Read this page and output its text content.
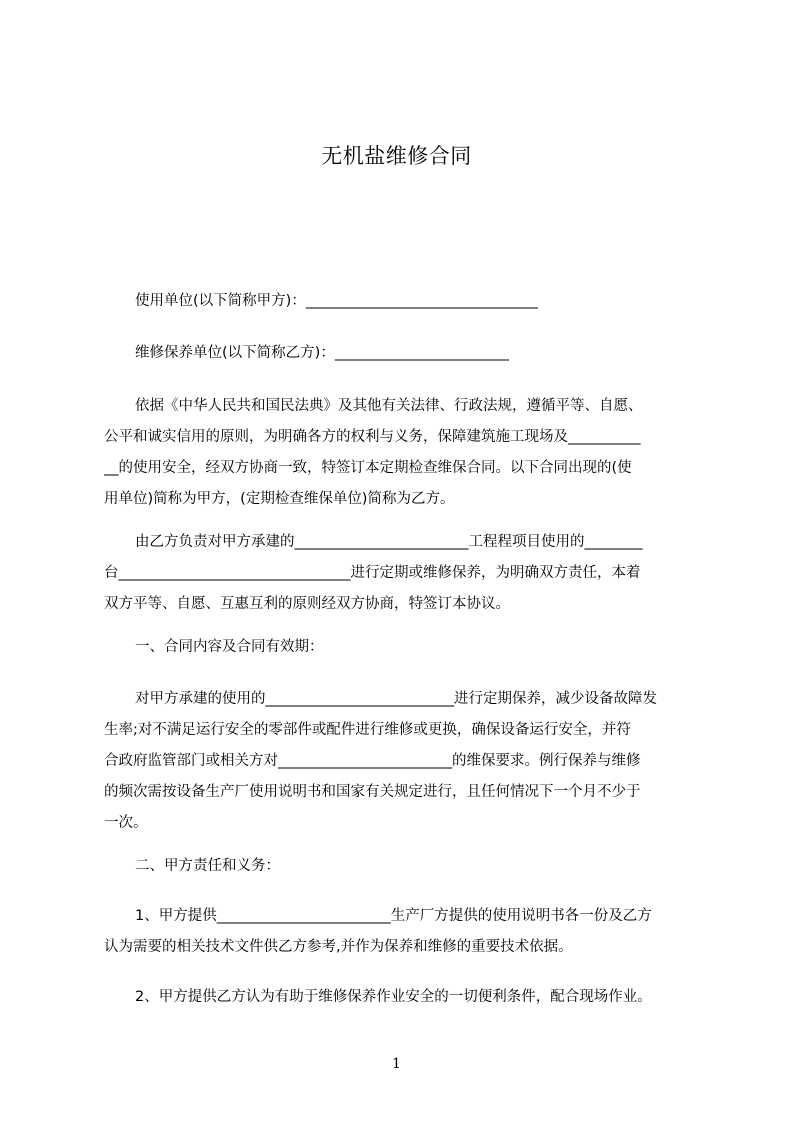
无机盐维修合同
使用单位(以下简称甲方)：________________________________
维修保养单位(以下简称乙方)：________________________
依据《中华人民共和国民法典》及其他有关法律、行政法规，遵循平等、自愿、
公平和诚实信用的原则，为明确各方的权利与义务，保障建筑施工现场及__________
__的使用安全，经双方协商一致，特签订本定期检查维保合同。以下合同出现的(使
用单位)简称为甲方，(定期检查维保单位)简称为乙方。
由乙方负责对甲方承建的________________________工程程项目使用的________
台________________________________进行定期或维修保养，为明确双方责任，本着
双方平等、自愿、互惠互利的原则经双方协商，特签订本协议。
一、合同内容及合同有效期：
对甲方承建的使用的__________________________进行定期保养，减少设备故障发
生率;对不满足运行安全的零部件或配件进行维修或更换，确保设备运行安全，并符
合政府监管部门或相关方对________________________的维保要求。例行保养与维修
的频次需按设备生产厂使用说明书和国家有关规定进行，且任何情况下一个月不少于
一次。
二、甲方责任和义务：
1、甲方提供________________________生产厂方提供的使用说明书各一份及乙方
认为需要的相关技术文件供乙方参考,并作为保养和维修的重要技术依据。
2、甲方提供乙方认为有助于维修保养作业安全的一切便利条件，配合现场作业。
1
